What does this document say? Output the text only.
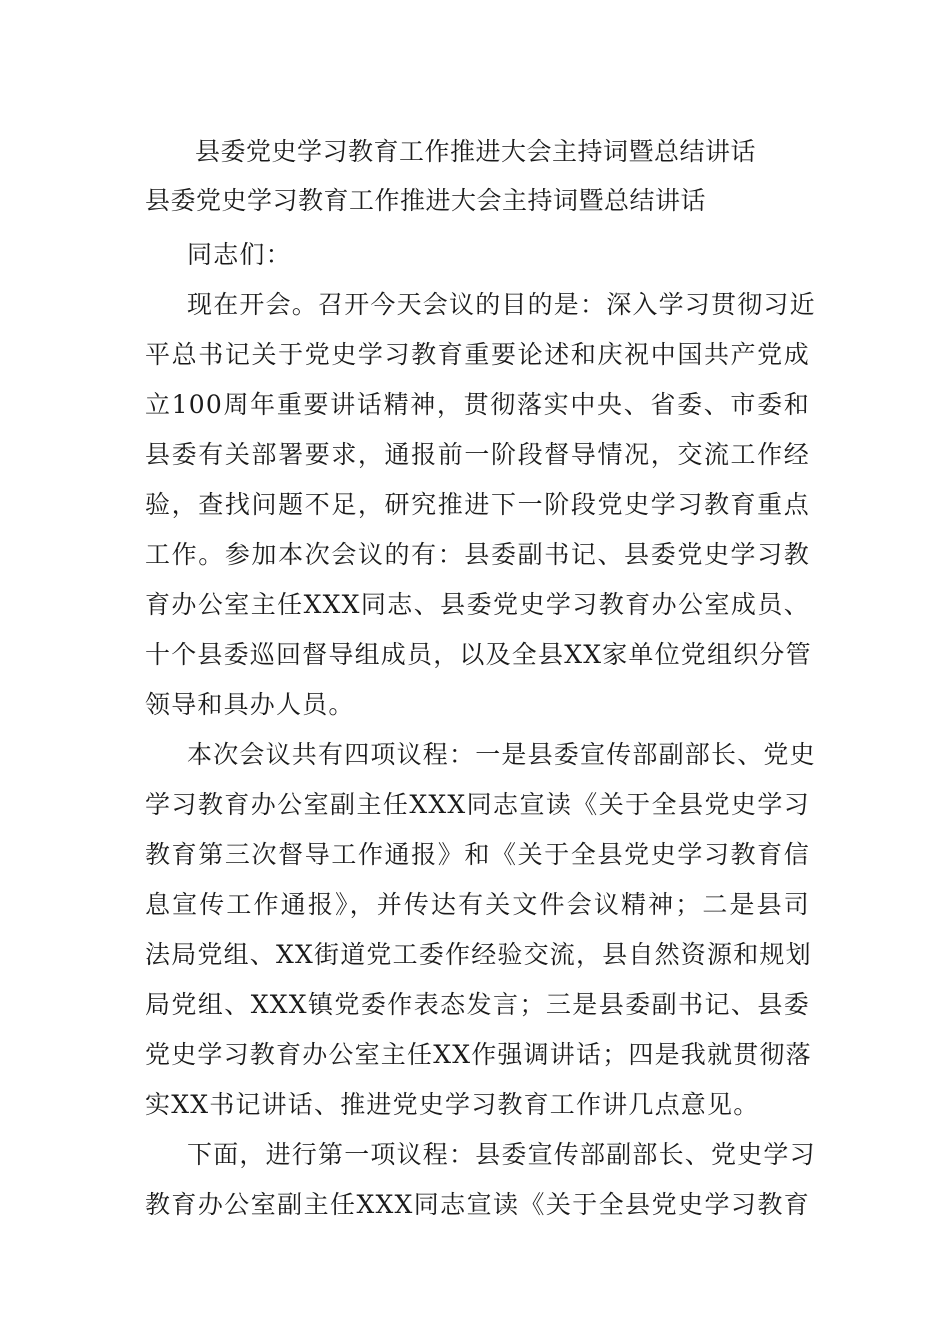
县委党史学习教育工作推进大会主持词暨总结讲话
县委党史学习教育工作推进大会主持词暨总结讲话
同志们：
现在开会。召开今天会议的目的是：深入学习贯彻习近
平总书记关于党史学习教育重要论述和庆祝中国共产党成
立100周年重要讲话精神，贯彻落实中央、省委、市委和
县委有关部署要求，通报前一阶段督导情况，交流工作经
验，查找问题不足，研究推进下一阶段党史学习教育重点
工作。参加本次会议的有：县委副书记、县委党史学习教
育办公室主任XXX同志、县委党史学习教育办公室成员、
十个县委巡回督导组成员，以及全县XX家单位党组织分管
领导和具办人员。
本次会议共有四项议程：一是县委宣传部副部长、党史
学习教育办公室副主任XXX同志宣读《关于全县党史学习
教育第三次督导工作通报》和《关于全县党史学习教育信
息宣传工作通报》，并传达有关文件会议精神；二是县司
法局党组、XX街道党工委作经验交流，县自然资源和规划
局党组、XXX镇党委作表态发言；三是县委副书记、县委
党史学习教育办公室主任XX作强调讲话；四是我就贯彻落
实XX书记讲话、推进党史学习教育工作讲几点意见。
下面，进行第一项议程：县委宣传部副部长、党史学习
教育办公室副主任XXX同志宣读《关于全县党史学习教育
